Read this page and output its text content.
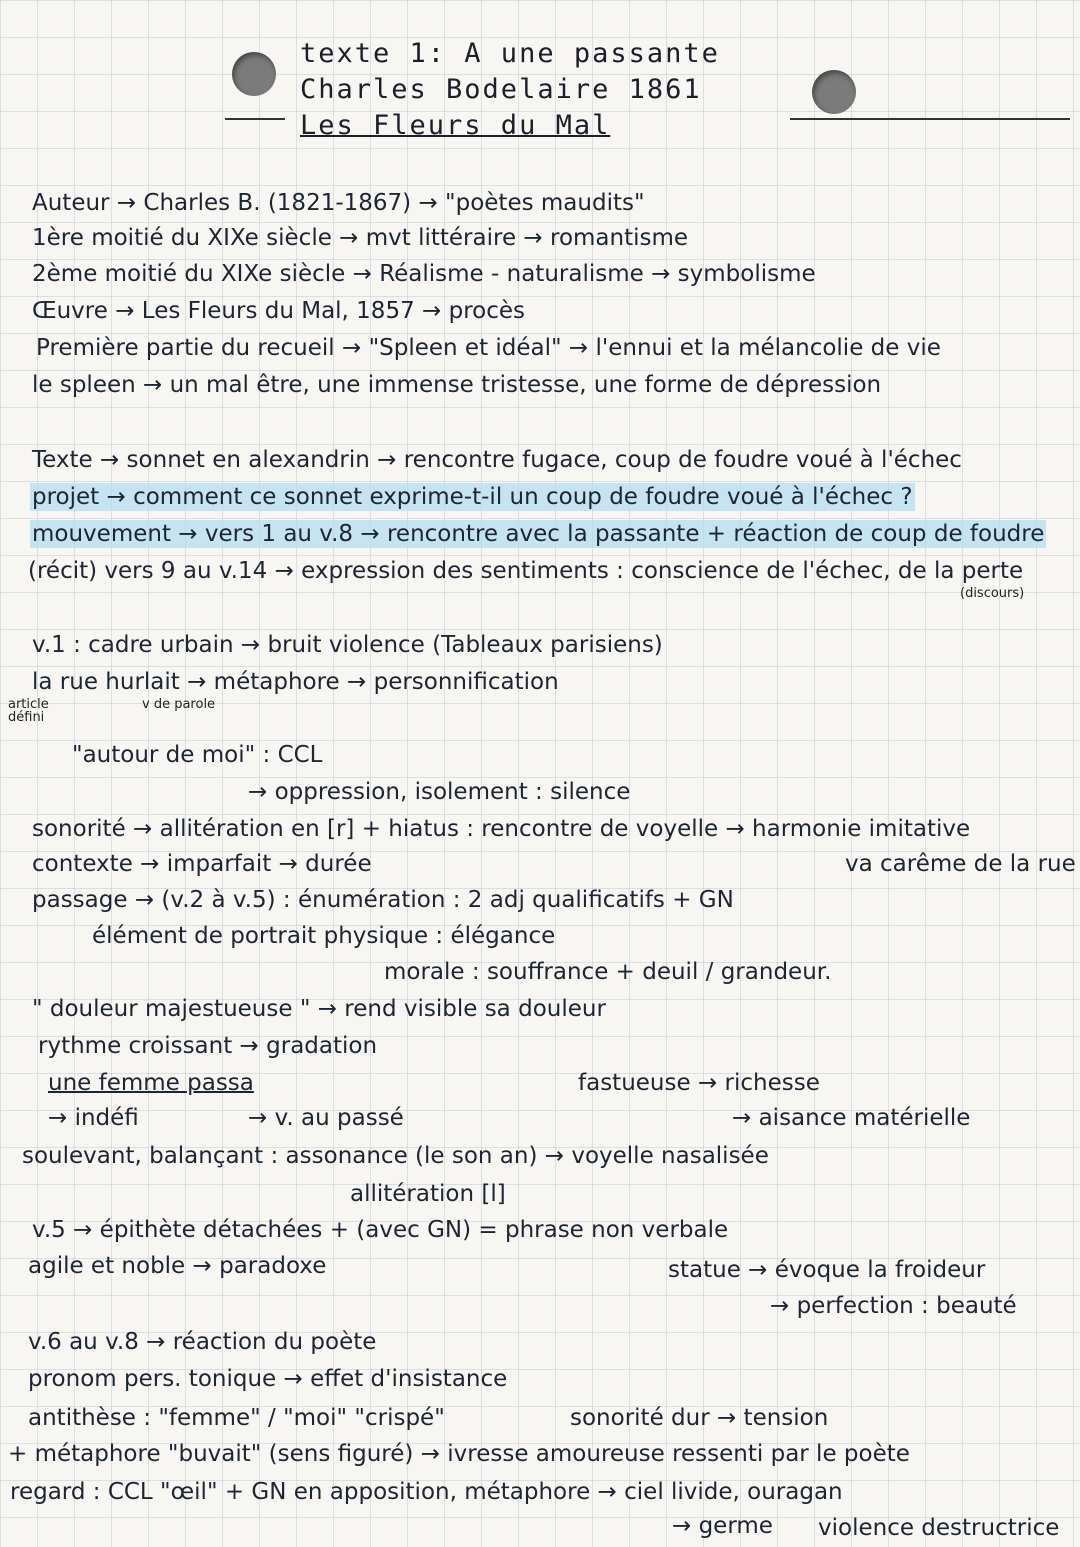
texte 1: A une passante
Charles Bodelaire 1861
Les Fleurs du Mal
Auteur → Charles B. (1821-1867) → "poètes maudits"
1ère moitié du XIXe siècle → mvt littéraire → romantisme
2ème moitié du XIXe siècle → Réalisme - naturalisme → symbolisme
Œuvre → Les Fleurs du Mal, 1857 → procès
Première partie du recueil → "Spleen et idéal" → l'ennui et la mélancolie de vie
le spleen → un mal être, une immense tristesse, une forme de dépression
Texte → sonnet en alexandrin → rencontre fugace, coup de foudre voué à l'échec
projet → comment ce sonnet exprime-t-il un coup de foudre voué à l'échec ?
mouvement → vers 1 au v.8 → rencontre avec la passante + réaction de coup de foudre
(récit) vers 9 au v.14 → expression des sentiments : conscience de l'échec, de la perte
(discours)
v.1 : cadre urbain → bruit violence (Tableaux parisiens)
la rue hurlait → métaphore → personnification
article
défini
v de parole
"autour de moi" : CCL
→ oppression, isolement : silence
sonorité → allitération en [r] + hiatus : rencontre de voyelle → harmonie imitative
contexte → imparfait → durée	va carême de la rue
passage → (v.2 à v.5) : énumération : 2 adj qualificatifs + GN
élément de portrait physique : élégance
morale : souffrance + deuil / grandeur.
" douleur majestueuse " → rend visible sa douleur
rythme croissant → gradation
une femme passa	fastueuse → richesse
→ indéfi	→ v. au passé	→ aisance matérielle
soulevant, balançant : assonance (le son an) → voyelle nasalisée
allitération [l]
v.5 → épithète détachées + (avec GN) = phrase non verbale
agile et noble → paradoxe	statue → évoque la froideur
→ perfection : beauté
v.6 au v.8 → réaction du poète
pronom pers. tonique → effet d'insistance
antithèse : "femme" / "moi" "crispé"	sonorité dur → tension
+ métaphore "buvait" (sens figuré) → ivresse amoureuse ressenti par le poète
regard : CCL "œil" + GN en apposition, métaphore → ciel livide, ouragan
→ germe violence destructrice
